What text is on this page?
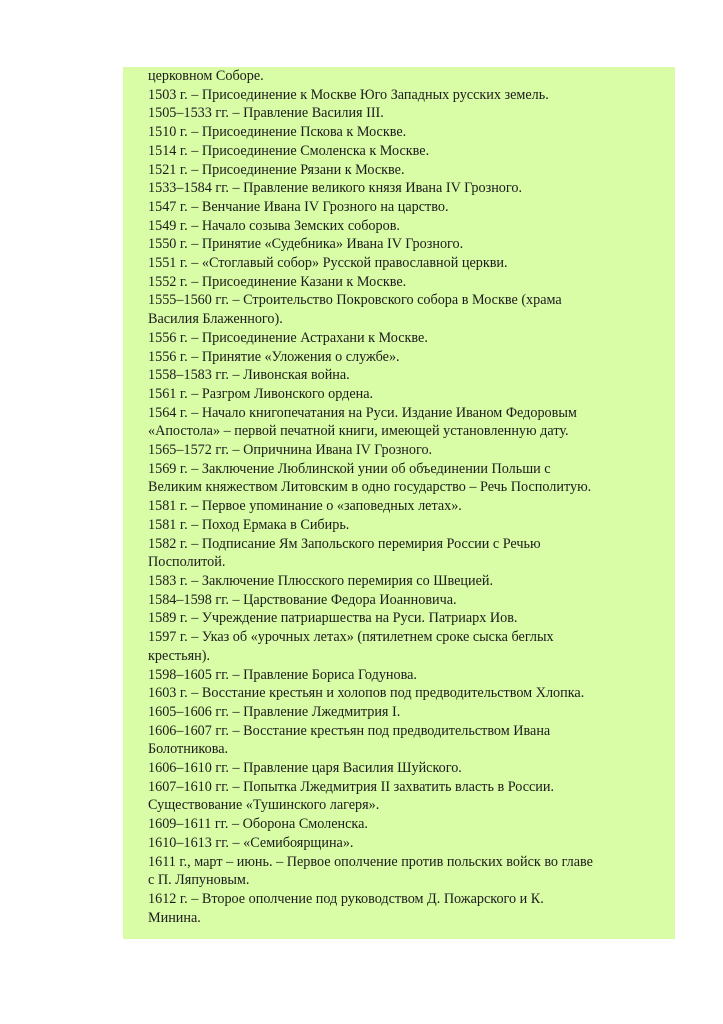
церковном Соборе.
1503 г. – Присоединение к Москве Юго Западных русских земель.
1505–1533 гг. – Правление Василия III.
1510 г. – Присоединение Пскова к Москве.
1514 г. – Присоединение Смоленска к Москве.
1521 г. – Присоединение Рязани к Москве.
1533–1584 гг. – Правление великого князя Ивана IV Грозного.
1547 г. – Венчание Ивана IV Грозного на царство.
1549 г. – Начало созыва Земских соборов.
1550 г. – Принятие «Судебника» Ивана IV Грозного.
1551 г. – «Стоглавый собор» Русской православной церкви.
1552 г. – Присоединение Казани к Москве.
1555–1560 гг. – Строительство Покровского собора в Москве (храма
Василия Блаженного).
1556 г. – Присоединение Астрахани к Москве.
1556 г. – Принятие «Уложения о службе».
1558–1583 гг. – Ливонская война.
1561 г. – Разгром Ливонского ордена.
1564 г. – Начало книгопечатания на Руси. Издание Иваном Федоровым
«Апостола» – первой печатной книги, имеющей установленную дату.
1565–1572 гг. – Опричнина Ивана IV Грозного.
1569 г. – Заключение Люблинской унии об объединении Польши с
Великим княжеством Литовским в одно государство – Речь Посполитую.
1581 г. – Первое упоминание о «заповедных летах».
1581 г. – Поход Ермака в Сибирь.
1582 г. – Подписание Ям Запольского перемирия России с Речью
Посполитой.
1583 г. – Заключение Плюсского перемирия со Швецией.
1584–1598 гг. – Царствование Федора Иоанновича.
1589 г. – Учреждение патриаршества на Руси. Патриарх Иов.
1597 г. – Указ об «урочных летах» (пятилетнем сроке сыска беглых
крестьян).
1598–1605 гг. – Правление Бориса Годунова.
1603 г. – Восстание крестьян и холопов под предводительством Хлопка.
1605–1606 гг. – Правление Лжедмитрия I.
1606–1607 гг. – Восстание крестьян под предводительством Ивана
Болотникова.
1606–1610 гг. – Правление царя Василия Шуйского.
1607–1610 гг. – Попытка Лжедмитрия II захватить власть в России.
Существование «Тушинского лагеря».
1609–1611 гг. – Оборона Смоленска.
1610–1613 гг. – «Семибоярщина».
1611 г., март – июнь. – Первое ополчение против польских войск во главе
с П. Ляпуновым.
1612 г. – Второе ополчение под руководством Д. Пожарского и К.
Минина.
